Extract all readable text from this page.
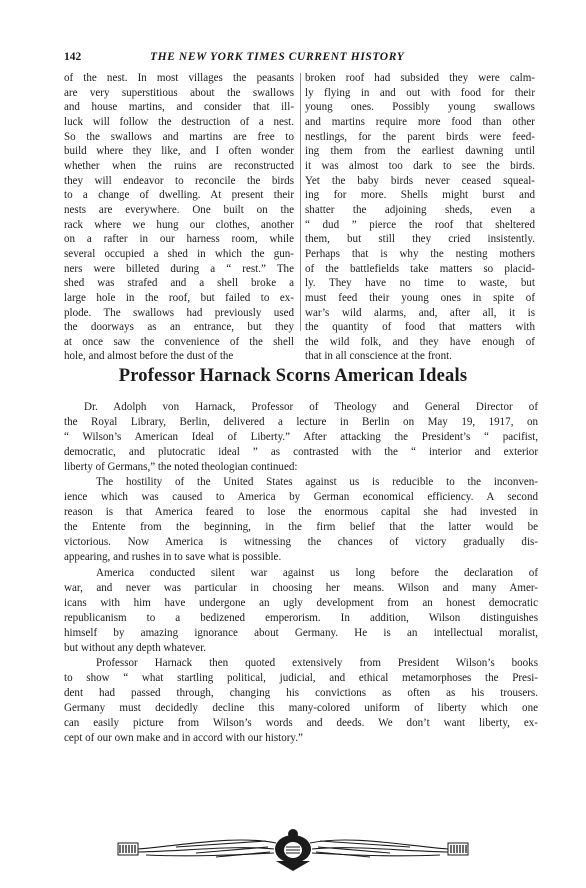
142	THE NEW YORK TIMES CURRENT HISTORY
of the nest. In most villages the peasants
are very superstitious about the swallows
and house martins, and consider that ill-
luck will follow the destruction of a nest.
So the swallows and martins are free to
build where they like, and I often wonder
whether when the ruins are reconstructed
they will endeavor to reconcile the birds
to a change of dwelling. At present their
nests are everywhere. One built on the
rack where we hung our clothes, another
on a rafter in our harness room, while
several occupied a shed in which the gun-
ners were billeted during a “ rest.” The
shed was strafed and a shell broke a
large hole in the roof, but failed to ex-
plode. The swallows had previously used
the doorways as an entrance, but they
at once saw the convenience of the shell
hole, and almost before the dust of the
broken roof had subsided they were calm-
ly flying in and out with food for their
young ones. Possibly young swallows
and martins require more food than other
nestlings, for the parent birds were feed-
ing them from the earliest dawning until
it was almost too dark to see the birds.
Yet the baby birds never ceased squeal-
ing for more. Shells might burst and
shatter the adjoining sheds, even a
“ dud ” pierce the roof that sheltered
them, but still they cried insistently.
Perhaps that is why the nesting mothers
of the battlefields take matters so placid-
ly. They have no time to waste, but
must feed their young ones in spite of
war’s wild alarms, and, after all, it is
the quantity of food that matters with
the wild folk, and they have enough of
that in all conscience at the front.
Professor Harnack Scorns American Ideals
Dr. Adolph von Harnack, Professor of Theology and General Director of
the Royal Library, Berlin, delivered a lecture in Berlin on May 19, 1917, on
“ Wilson’s American Ideal of Liberty.” After attacking the President’s “ pacifist,
democratic, and plutocratic ideal ” as contrasted with the “ interior and exterior
liberty of Germans,” the noted theologian continued:
The hostility of the United States against us is reducible to the inconven-
ience which was caused to America by German economical efficiency. A second
reason is that America feared to lose the enormous capital she had invested in
the Entente from the beginning, in the firm belief that the latter would be
victorious. Now America is witnessing the chances of victory gradually dis-
appearing, and rushes in to save what is possible.
America conducted silent war against us long before the declaration of
war, and never was particular in choosing her means. Wilson and many Amer-
icans with him have undergone an ugly development from an honest democratic
republicanism to a bedizened emperorism. In addition, Wilson distinguishes
himself by amazing ignorance about Germany. He is an intellectual moralist,
but without any depth whatever.
Professor Harnack then quoted extensively from President Wilson’s books
to show “ what startling political, judicial, and ethical metamorphoses the Presi-
dent had passed through, changing his convictions as often as his trousers.
Germany must decidedly decline this many-colored uniform of liberty which one
can easily picture from Wilson’s words and deeds. We don’t want liberty, ex-
cept of our own make and in accord with our history.”
